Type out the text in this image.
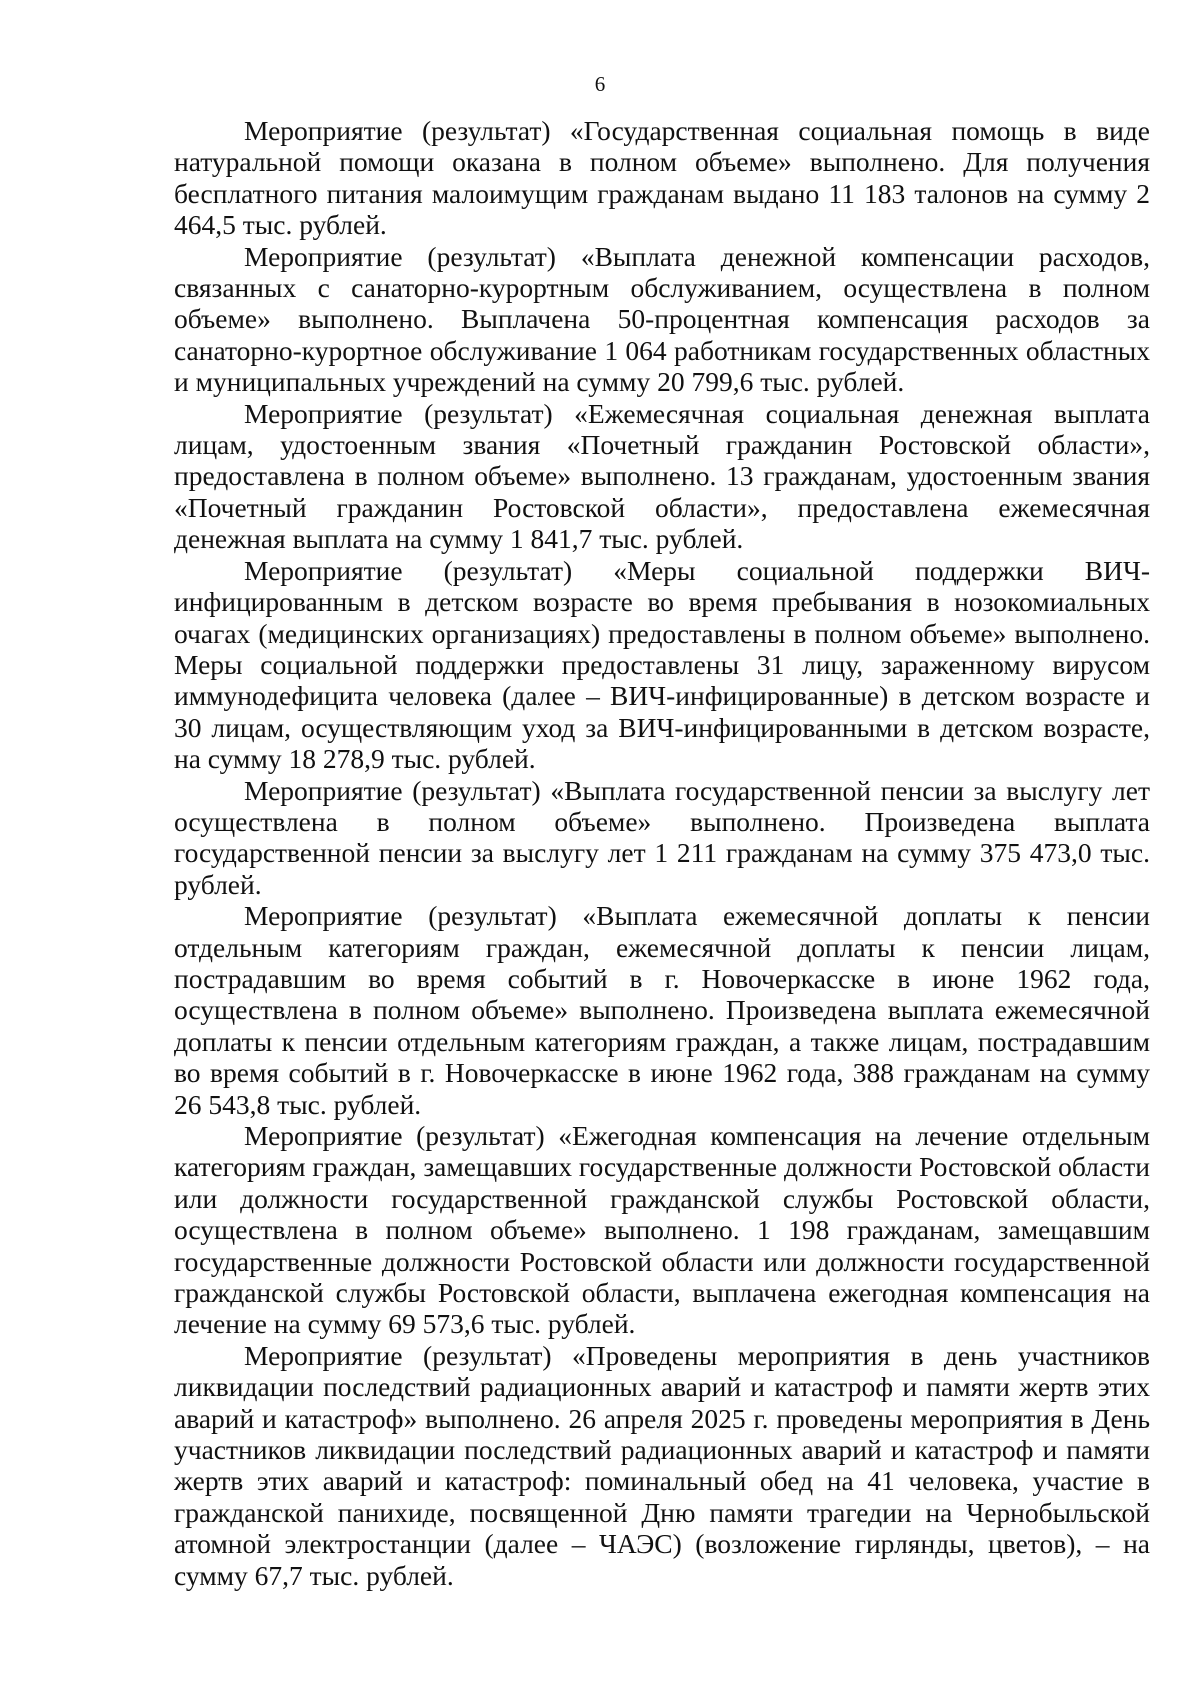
6

Мероприятие (результат) «Государственная социальная помощь в виде натуральной помощи оказана в полном объеме» выполнено. Для получения бесплатного питания малоимущим гражданам выдано 11 183 талонов на сумму 2 464,5 тыс. рублей.

Мероприятие (результат) «Выплата денежной компенсации расходов, связанных с санаторно-курортным обслуживанием, осуществлена в полном объеме» выполнено. Выплачена 50-процентная компенсация расходов за санаторно-курортное обслуживание 1 064 работникам государственных областных и муниципальных учреждений на сумму 20 799,6 тыс. рублей.

Мероприятие (результат) «Ежемесячная социальная денежная выплата лицам, удостоенным звания «Почетный гражданин Ростовской области», предоставлена в полном объеме» выполнено. 13 гражданам, удостоенным звания «Почетный гражданин Ростовской области», предоставлена ежемесячная денежная выплата на сумму 1 841,7 тыс. рублей.

Мероприятие (результат) «Меры социальной поддержки ВИЧ-инфицированным в детском возрасте во время пребывания в нозокомиальных очагах (медицинских организациях) предоставлены в полном объеме» выполнено. Меры социальной поддержки предоставлены 31 лицу, зараженному вирусом иммунодефицита человека (далее – ВИЧ-инфицированные) в детском возрасте и 30 лицам, осуществляющим уход за ВИЧ-инфицированными в детском возрасте, на сумму 18 278,9 тыс. рублей.

Мероприятие (результат) «Выплата государственной пенсии за выслугу лет осуществлена в полном объеме» выполнено. Произведена выплата государственной пенсии за выслугу лет 1 211 гражданам на сумму 375 473,0 тыс. рублей.

Мероприятие (результат) «Выплата ежемесячной доплаты к пенсии отдельным категориям граждан, ежемесячной доплаты к пенсии лицам, пострадавшим во время событий в г. Новочеркасске в июне 1962 года, осуществлена в полном объеме» выполнено. Произведена выплата ежемесячной доплаты к пенсии отдельным категориям граждан, а также лицам, пострадавшим во время событий в г. Новочеркасске в июне 1962 года, 388 гражданам на сумму 26 543,8 тыс. рублей.

Мероприятие (результат) «Ежегодная компенсация на лечение отдельным категориям граждан, замещавших государственные должности Ростовской области или должности государственной гражданской службы Ростовской области, осуществлена в полном объеме» выполнено. 1 198 гражданам, замещавшим государственные должности Ростовской области или должности государственной гражданской службы Ростовской области, выплачена ежегодная компенсация на лечение на сумму 69 573,6 тыс. рублей.

Мероприятие (результат) «Проведены мероприятия в день участников ликвидации последствий радиационных аварий и катастроф и памяти жертв этих аварий и катастроф» выполнено. 26 апреля 2025 г. проведены мероприятия в День участников ликвидации последствий радиационных аварий и катастроф и памяти жертв этих аварий и катастроф: поминальный обед на 41 человека, участие в гражданской панихиде, посвященной Дню памяти трагедии на Чернобыльской атомной электростанции (далее – ЧАЭС) (возложение гирлянды, цветов), – на сумму 67,7 тыс. рублей.
